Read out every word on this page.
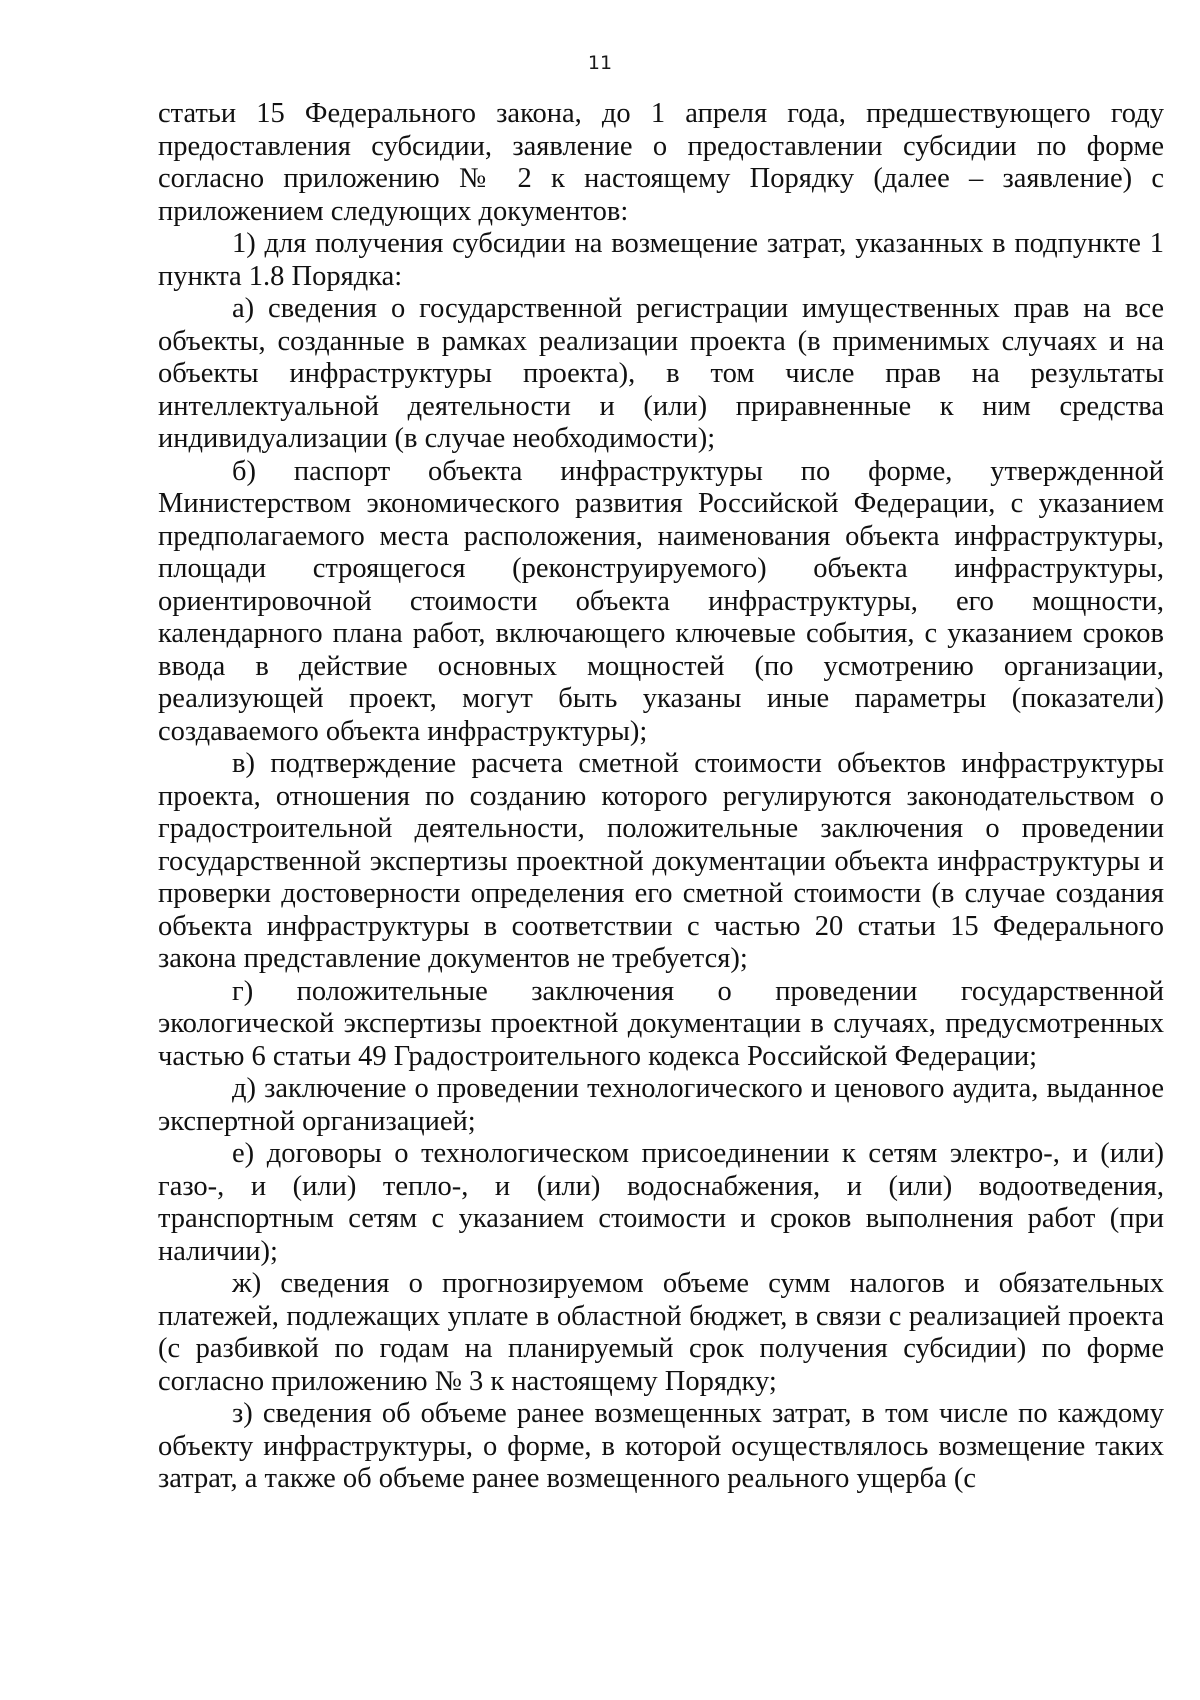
11

статьи 15 Федерального закона, до 1 апреля года, предшествующего году предоставления субсидии, заявление о предоставлении субсидии по форме согласно приложению № 2 к настоящему Порядку (далее – заявление) с приложением следующих документов:

1) для получения субсидии на возмещение затрат, указанных в подпункте 1 пункта 1.8 Порядка:

а) сведения о государственной регистрации имущественных прав на все объекты, созданные в рамках реализации проекта (в применимых случаях и на объекты инфраструктуры проекта), в том числе прав на результаты интеллектуальной деятельности и (или) приравненные к ним средства индивидуализации (в случае необходимости);

б) паспорт объекта инфраструктуры по форме, утвержденной Министерством экономического развития Российской Федерации, с указанием предполагаемого места расположения, наименования объекта инфраструктуры, площади строящегося (реконструируемого) объекта инфраструктуры, ориентировочной стоимости объекта инфраструктуры, его мощности, календарного плана работ, включающего ключевые события, с указанием сроков ввода в действие основных мощностей (по усмотрению организации, реализующей проект, могут быть указаны иные параметры (показатели) создаваемого объекта инфраструктуры);

в) подтверждение расчета сметной стоимости объектов инфраструктуры проекта, отношения по созданию которого регулируются законодательством о градостроительной деятельности, положительные заключения о проведении государственной экспертизы проектной документации объекта инфраструктуры и проверки достоверности определения его сметной стоимости (в случае создания объекта инфраструктуры в соответствии с частью 20 статьи 15 Федерального закона представление документов не требуется);

г) положительные заключения о проведении государственной экологической экспертизы проектной документации в случаях, предусмотренных частью 6 статьи 49 Градостроительного кодекса Российской Федерации;

д) заключение о проведении технологического и ценового аудита, выданное экспертной организацией;

е) договоры о технологическом присоединении к сетям электро-, и (или) газо-, и (или) тепло-, и (или) водоснабжения, и (или) водоотведения, транспортным сетям с указанием стоимости и сроков выполнения работ (при наличии);

ж) сведения о прогнозируемом объеме сумм налогов и обязательных платежей, подлежащих уплате в областной бюджет, в связи с реализацией проекта (с разбивкой по годам на планируемый срок получения субсидии) по форме согласно приложению № 3 к настоящему Порядку;

з) сведения об объеме ранее возмещенных затрат, в том числе по каждому объекту инфраструктуры, о форме, в которой осуществлялось возмещение таких затрат, а также об объеме ранее возмещенного реального ущерба (с
